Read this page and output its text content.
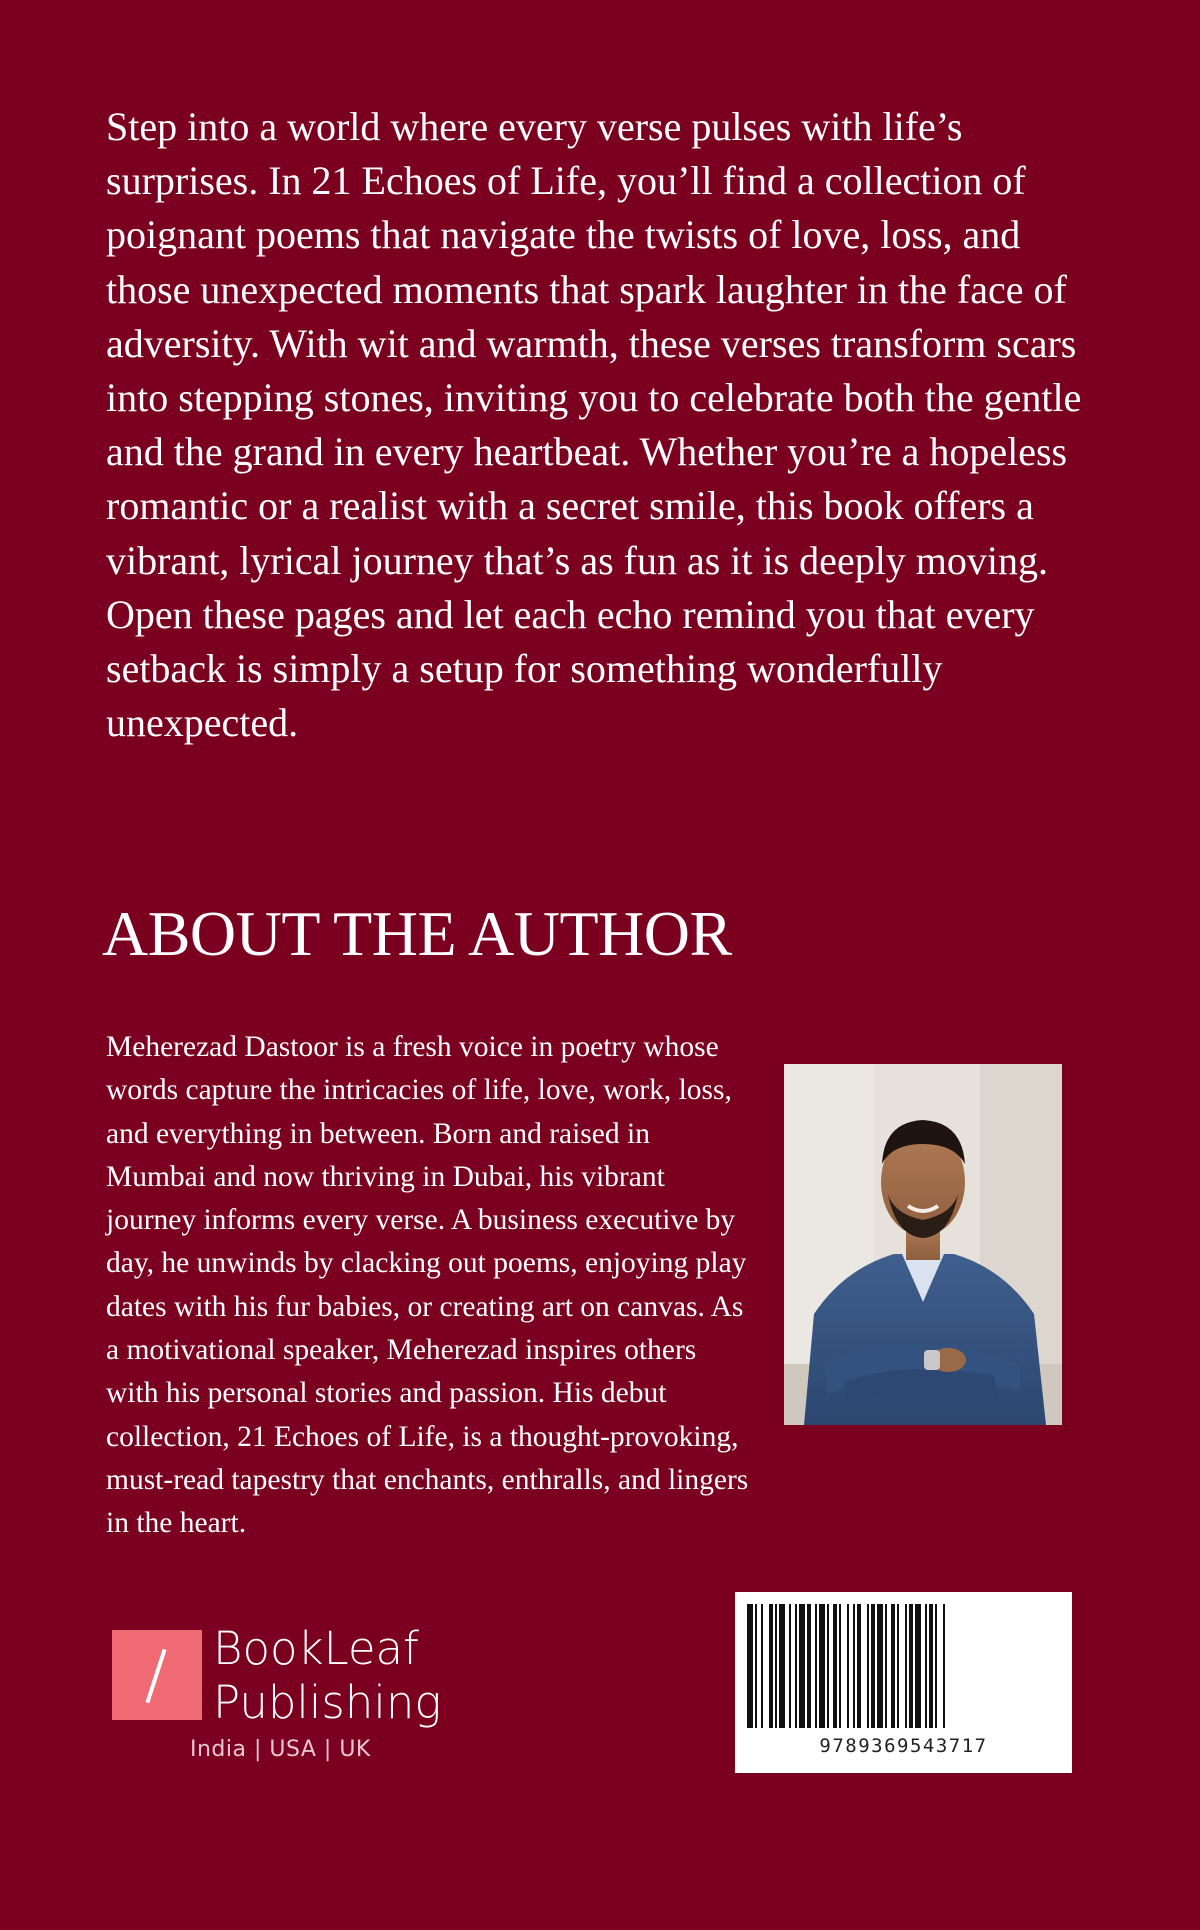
Step into a world where every verse pulses with life’s surprises. In 21 Echoes of Life, you’ll find a collection of poignant poems that navigate the twists of love, loss, and those unexpected moments that spark laughter in the face of adversity. With wit and warmth, these verses transform scars into stepping stones, inviting you to celebrate both the gentle and the grand in every heartbeat. Whether you’re a hopeless romantic or a realist with a secret smile, this book offers a vibrant, lyrical journey that’s as fun as it is deeply moving. Open these pages and let each echo remind you that every setback is simply a setup for something wonderfully unexpected.

ABOUT THE AUTHOR

Meherezad Dastoor is a fresh voice in poetry whose words capture the intricacies of life, love, work, loss, and everything in between. Born and raised in Mumbai and now thriving in Dubai, his vibrant journey informs every verse. A business executive by day, he unwinds by clacking out poems, enjoying play dates with his fur babies, or creating art on canvas. As a motivational speaker, Meherezad inspires others with his personal stories and passion. His debut collection, 21 Echoes of Life, is a thought-provoking, must-read tapestry that enchants, enthralls, and lingers in the heart.

BookLeaf
Publishing
India | USA | UK	9789369543717
